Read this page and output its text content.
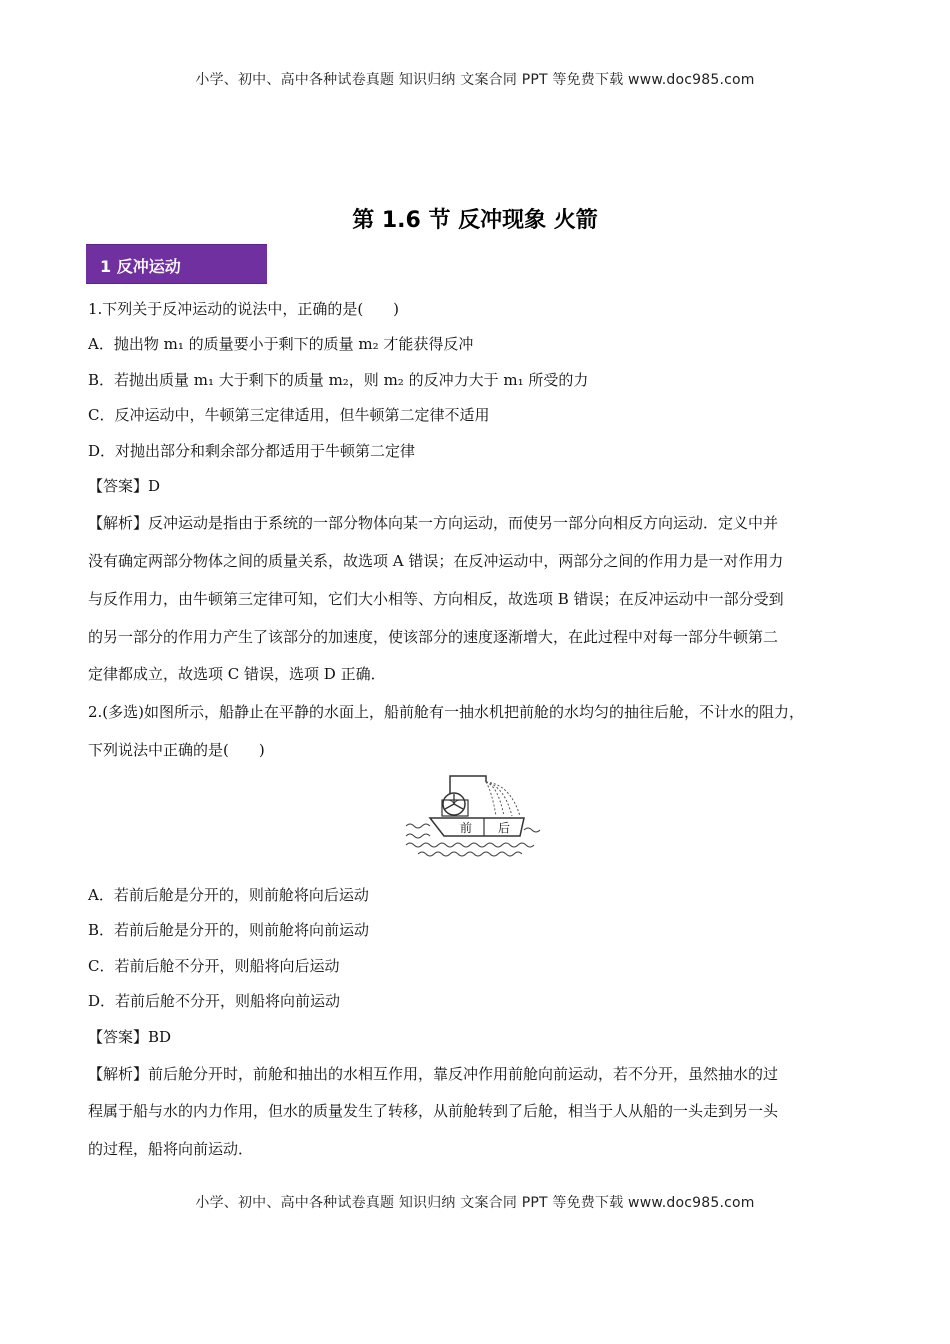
小学、初中、高中各种试卷真题 知识归纳 文案合同 PPT 等免费下载 www.doc985.com
第 1.6 节 反冲现象 火箭
1 反冲运动
1.下列关于反冲运动的说法中，正确的是(　　)
A．抛出物 m₁ 的质量要小于剩下的质量 m₂ 才能获得反冲
B．若抛出质量 m₁ 大于剩下的质量 m₂，则 m₂ 的反冲力大于 m₁ 所受的力
C．反冲运动中，牛顿第三定律适用，但牛顿第二定律不适用
D．对抛出部分和剩余部分都适用于牛顿第二定律
【答案】D
【解析】反冲运动是指由于系统的一部分物体向某一方向运动，而使另一部分向相反方向运动．定义中并
没有确定两部分物体之间的质量关系，故选项 A 错误；在反冲运动中，两部分之间的作用力是一对作用力
与反作用力，由牛顿第三定律可知，它们大小相等、方向相反，故选项 B 错误；在反冲运动中一部分受到
的另一部分的作用力产生了该部分的加速度，使该部分的速度逐渐增大，在此过程中对每一部分牛顿第二
定律都成立，故选项 C 错误，选项 D 正确．
2.(多选)如图所示，船静止在平静的水面上，船前舱有一抽水机把前舱的水均匀的抽往后舱，不计水的阻力，
下列说法中正确的是(　　)
前 后
A．若前后舱是分开的，则前舱将向后运动
B．若前后舱是分开的，则前舱将向前运动
C．若前后舱不分开，则船将向后运动
D．若前后舱不分开，则船将向前运动
【答案】BD
【解析】前后舱分开时，前舱和抽出的水相互作用，靠反冲作用前舱向前运动，若不分开，虽然抽水的过
程属于船与水的内力作用，但水的质量发生了转移，从前舱转到了后舱，相当于人从船的一头走到另一头
的过程，船将向前运动．
小学、初中、高中各种试卷真题 知识归纳 文案合同 PPT 等免费下载 www.doc985.com
